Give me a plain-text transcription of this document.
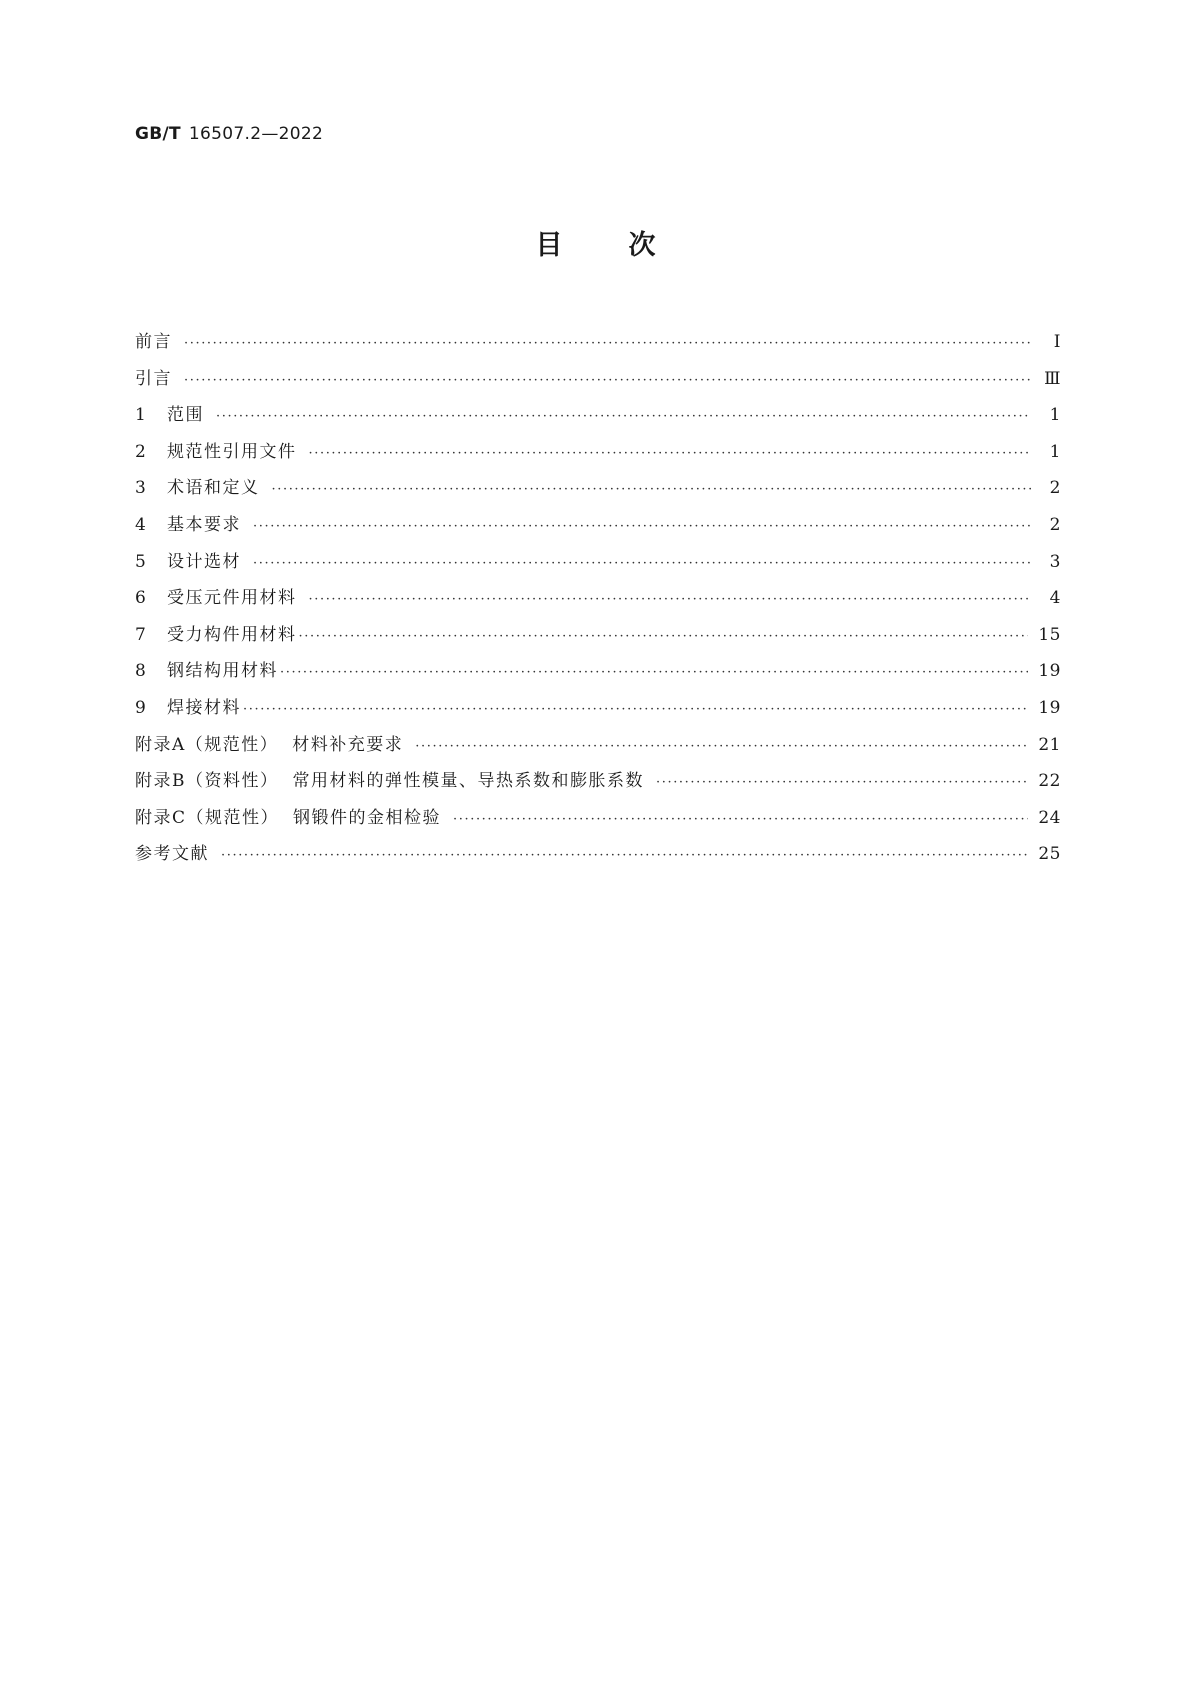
GB/T 16507.2—2022
目次
前言 ·····	Ⅰ
引言 ·····	Ⅲ
1	范围 ·····	1
2	规范性引用文件 ·····	1
3	术语和定义 ·····	2
4	基本要求 ·····	2
5	设计选材 ·····	3
6	受压元件用材料 ·····	4
7	受力构件用材料 ·····	15
8	钢结构用材料 ·····	19
9	焊接材料 ·····	19
附录A（规范性） 材料补充要求 ·····	21
附录B（资料性） 常用材料的弹性模量、导热系数和膨胀系数 ·····	22
附录C（规范性） 钢锻件的金相检验 ·····	24
参考文献 ·····	25
